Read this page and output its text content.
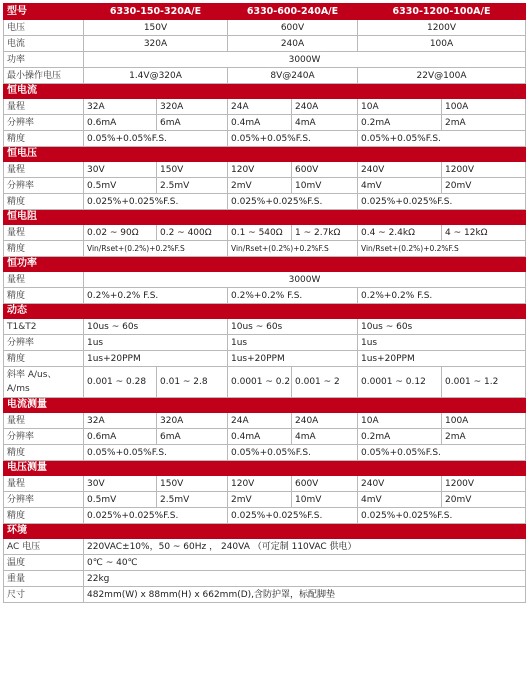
型号	6330-150-320A/E		6330-600-240A/E		6330-1200-100A/E	
电压	150V		600V		1200V	
电流	320A		240A		100A	
功率	3000W					
最小操作电压	1.4V@320A		8V@240A		22V@100A	
恒电流						
量程	32A	320A	24A	240A	10A	100A
分辨率	0.6mA	6mA	0.4mA	4mA	0.2mA	2mA
精度	0.05%+0.05%F.S.		0.05%+0.05%F.S.		0.05%+0.05%F.S.	
恒电压						
量程	30V	150V	120V	600V	240V	1200V
分辨率	0.5mV	2.5mV	2mV	10mV	4mV	20mV
精度	0.025%+0.025%F.S.		0.025%+0.025%F.S.		0.025%+0.025%F.S.	
恒电阻						
量程	0.02 ~ 90Ω	0.2 ~ 400Ω	0.1 ~ 540Ω	1 ~ 2.7kΩ	0.4 ~ 2.4kΩ	4 ~ 12kΩ
精度	Vin/Rset+(0.2%)+0.2%F.S		Vin/Rset+(0.2%)+0.2%F.S		Vin/Rset+(0.2%)+0.2%F.S	
恒功率						
量程	3000W					
精度	0.2%+0.2% F.S.		0.2%+0.2% F.S.		0.2%+0.2% F.S.	
动态						
T1&T2	10us ~ 60s		10us ~ 60s		10us ~ 60s	
分辨率	1us		1us		1us	
精度	1us+20PPM		1us+20PPM		1us+20PPM	

斜率 A/us、
A/ms	0.001 ~ 0.28	0.01 ~ 2.8	0.0001 ~ 0.2	0.001 ~ 2	0.0001 ~ 0.12	0.001 ~ 1.2
电流测量						
量程	32A	320A	24A	240A	10A	100A
分辨率	0.6mA	6mA	0.4mA	4mA	0.2mA	2mA
精度	0.05%+0.05%F.S.		0.05%+0.05%F.S.		0.05%+0.05%F.S.	
电压测量						
量程	30V	150V	120V	600V	240V	1200V
分辨率	0.5mV	2.5mV	2mV	10mV	4mV	20mV
精度	0.025%+0.025%F.S.		0.025%+0.025%F.S.		0.025%+0.025%F.S.	
环境						
AC 电压	220VAC±10%，50 ~ 60Hz ， 240VA （可定制 110VAC 供电）					
温度	0℃ ~ 40℃					
重量	22kg					
尺寸	482mm(W) x 88mm(H) x 662mm(D),含防护罩，标配脚垫					
